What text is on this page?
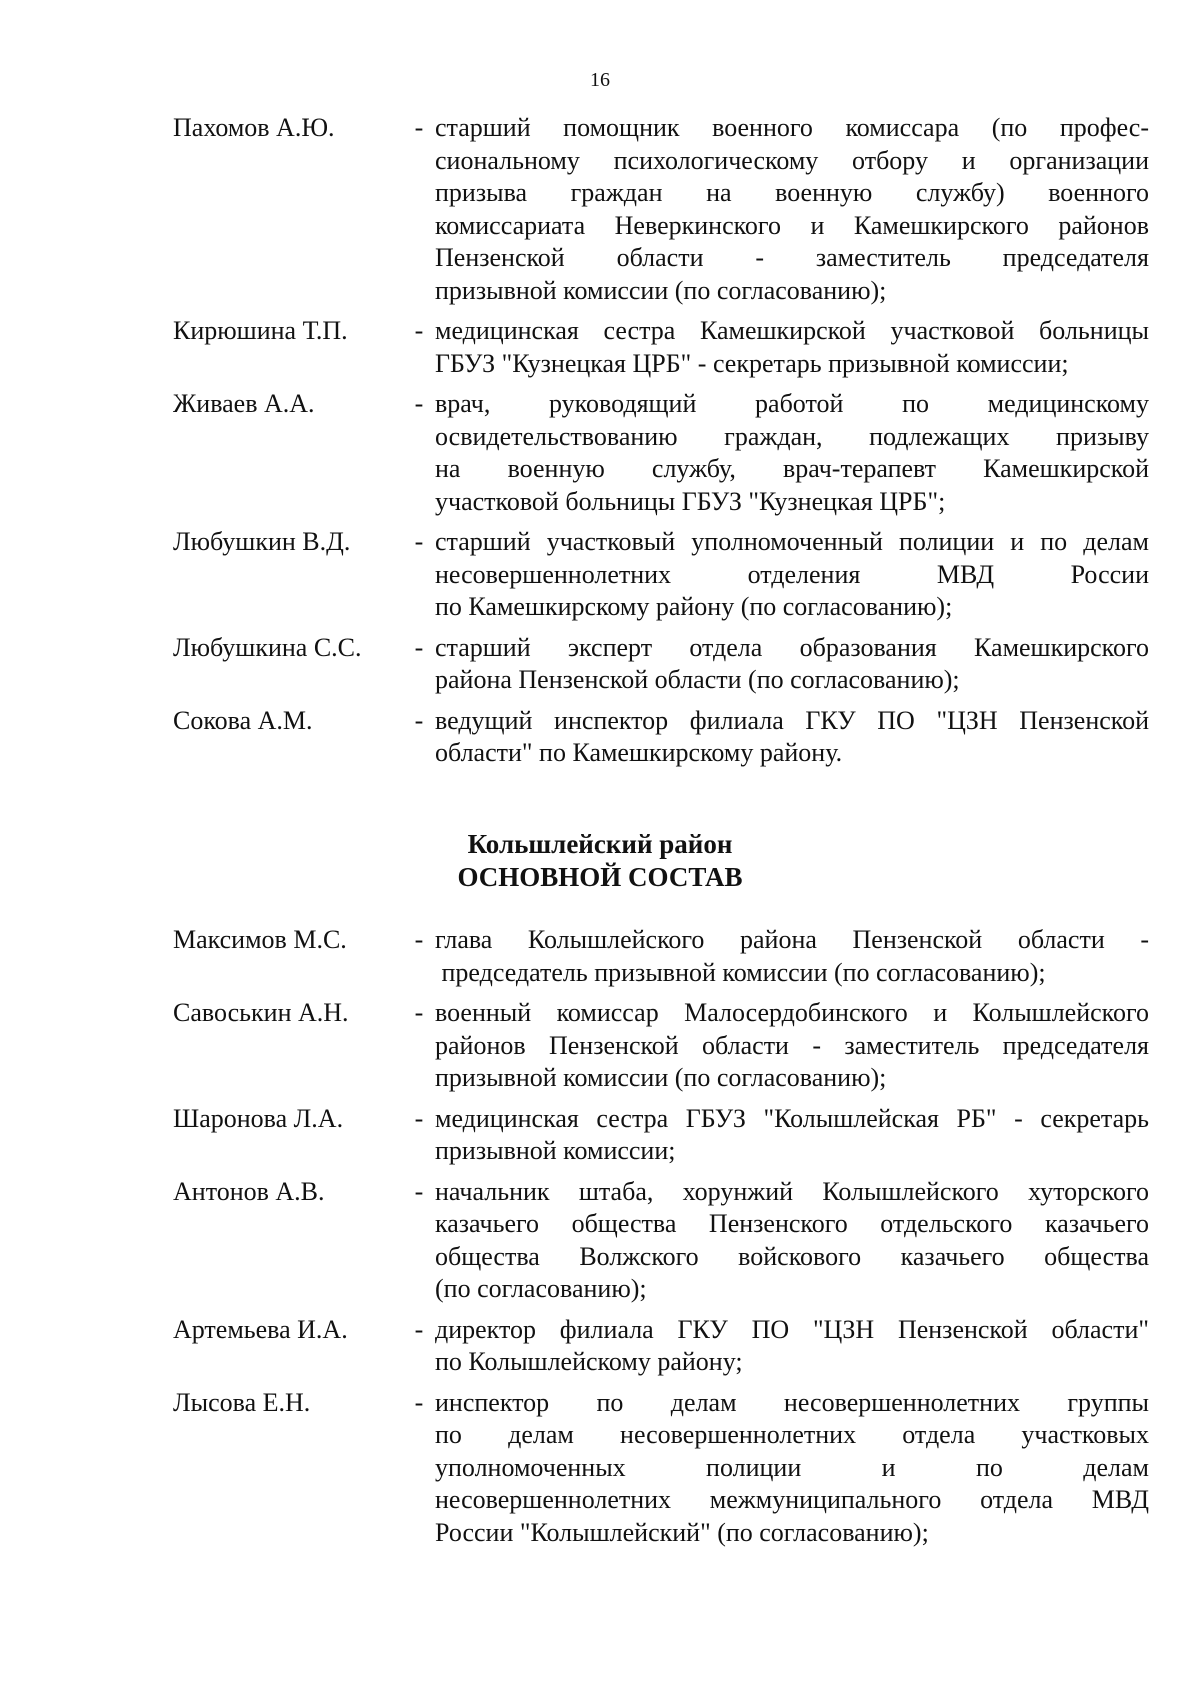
16
Пахомов А.Ю.	- старший помощник военного комиссара (по профес-

сиональному психологическому отбору и организации

призыва граждан на военную службу) военного

комиссариата Неверкинского и Камешкирского районов

Пензенской области - заместитель председателя

призывной комиссии (по согласованию);

Кирюшина Т.П.	- медицинская сестра Камешкирской участковой больницы

ГБУЗ "Кузнецкая ЦРБ" - секретарь призывной комиссии;

Живаев А.А.	- врач, руководящий работой по медицинскому

освидетельствованию граждан, подлежащих призыву

на военную службу, врач-терапевт Камешкирской

участковой больницы ГБУЗ "Кузнецкая ЦРБ";

Любушкин В.Д.	- старший участковый уполномоченный полиции и по делам

несовершеннолетних отделения МВД России

по Камешкирскому району (по согласованию);

Любушкина С.С.	- старший эксперт отдела образования Камешкирского

района Пензенской области (по согласованию);

Сокова А.М.	- ведущий инспектор филиала ГКУ ПО "ЦЗН Пензенской

области" по Камешкирскому району.

Кольшлейский район
ОСНОВНОЙ СОСТАВ
Максимов М.С.	- глава Колышлейского района Пензенской области -

председатель призывной комиссии (по согласованию);

Савоськин А.Н.	- военный комиссар Малосердобинского и Колышлейского

районов Пензенской области - заместитель председателя

призывной комиссии (по согласованию);

Шаронова Л.А.	- медицинская сестра ГБУЗ "Колышлейская РБ" - секретарь

призывной комиссии;

Антонов А.В.	- начальник штаба, хорунжий Колышлейского хуторского

казачьего общества Пензенского отдельского казачьего

общества Волжского войскового казачьего общества

(по согласованию);

Артемьева И.А.	- директор филиала ГКУ ПО "ЦЗН Пензенской области"

по Колышлейскому району;

Лысова Е.Н.	- инспектор по делам несовершеннолетних группы

по делам несовершеннолетних отдела участковых

уполномоченных полиции и по делам

несовершеннолетних межмуниципального отдела МВД

России "Колышлейский" (по согласованию);
